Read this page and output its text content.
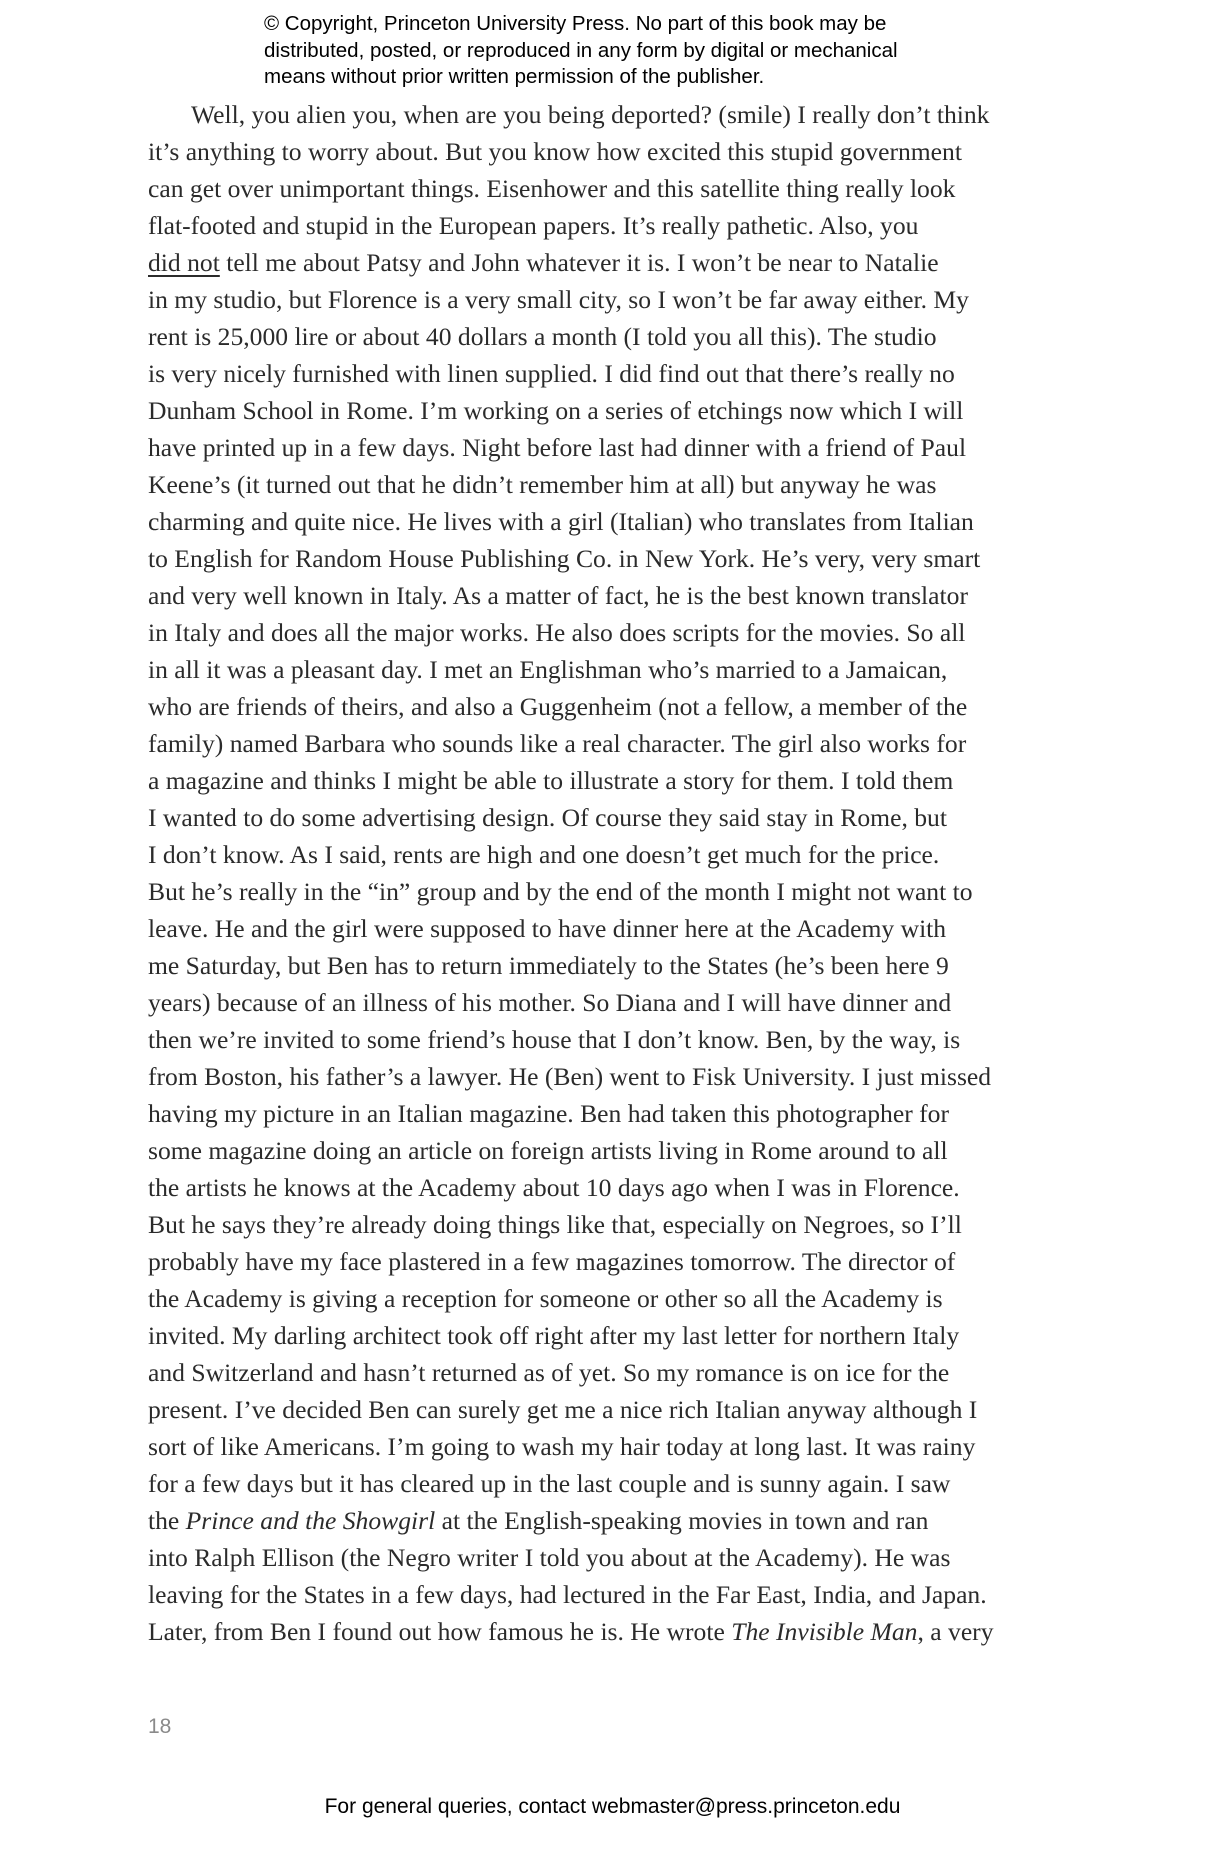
© Copyright, Princeton University Press. No part of this book may be
distributed, posted, or reproduced in any form by digital or mechanical
means without prior written permission of the publisher.
Well, you alien you, when are you being deported? (smile) I really don’t think
it’s anything to worry about. But you know how excited this stupid government
can get over unimportant things. Eisenhower and this satellite thing really look
flat-footed and stupid in the European papers. It’s really pathetic. Also, you
did not tell me about Patsy and John whatever it is. I won’t be near to Natalie
in my studio, but Florence is a very small city, so I won’t be far away either. My
rent is 25,000 lire or about 40 dollars a month (I told you all this). The studio
is very nicely furnished with linen supplied. I did find out that there’s really no
Dunham School in Rome. I’m working on a series of etchings now which I will
have printed up in a few days. Night before last had dinner with a friend of Paul
Keene’s (it turned out that he didn’t remember him at all) but anyway he was
charming and quite nice. He lives with a girl (Italian) who translates from Italian
to English for Random House Publishing Co. in New York. He’s very, very smart
and very well known in Italy. As a matter of fact, he is the best known translator
in Italy and does all the major works. He also does scripts for the movies. So all
in all it was a pleasant day. I met an Englishman who’s married to a Jamaican,
who are friends of theirs, and also a Guggenheim (not a fellow, a member of the
family) named Barbara who sounds like a real character. The girl also works for
a magazine and thinks I might be able to illustrate a story for them. I told them
I wanted to do some advertising design. Of course they said stay in Rome, but
I don’t know. As I said, rents are high and one doesn’t get much for the price.
But he’s really in the “in” group and by the end of the month I might not want to
leave. He and the girl were supposed to have dinner here at the Academy with
me Saturday, but Ben has to return immediately to the States (he’s been here 9
years) because of an illness of his mother. So Diana and I will have dinner and
then we’re invited to some friend’s house that I don’t know. Ben, by the way, is
from Boston, his father’s a lawyer. He (Ben) went to Fisk University. I just missed
having my picture in an Italian magazine. Ben had taken this photographer for
some magazine doing an article on foreign artists living in Rome around to all
the artists he knows at the Academy about 10 days ago when I was in Florence.
But he says they’re already doing things like that, especially on Negroes, so I’ll
probably have my face plastered in a few magazines tomorrow. The director of
the Academy is giving a reception for someone or other so all the Academy is
invited. My darling architect took off right after my last letter for northern Italy
and Switzerland and hasn’t returned as of yet. So my romance is on ice for the
present. I’ve decided Ben can surely get me a nice rich Italian anyway although I
sort of like Americans. I’m going to wash my hair today at long last. It was rainy
for a few days but it has cleared up in the last couple and is sunny again. I saw
the Prince and the Showgirl at the English-speaking movies in town and ran
into Ralph Ellison (the Negro writer I told you about at the Academy). He was
leaving for the States in a few days, had lectured in the Far East, India, and Japan.
Later, from Ben I found out how famous he is. He wrote The Invisible Man, a very
18
For general queries, contact webmaster@press.princeton.edu
